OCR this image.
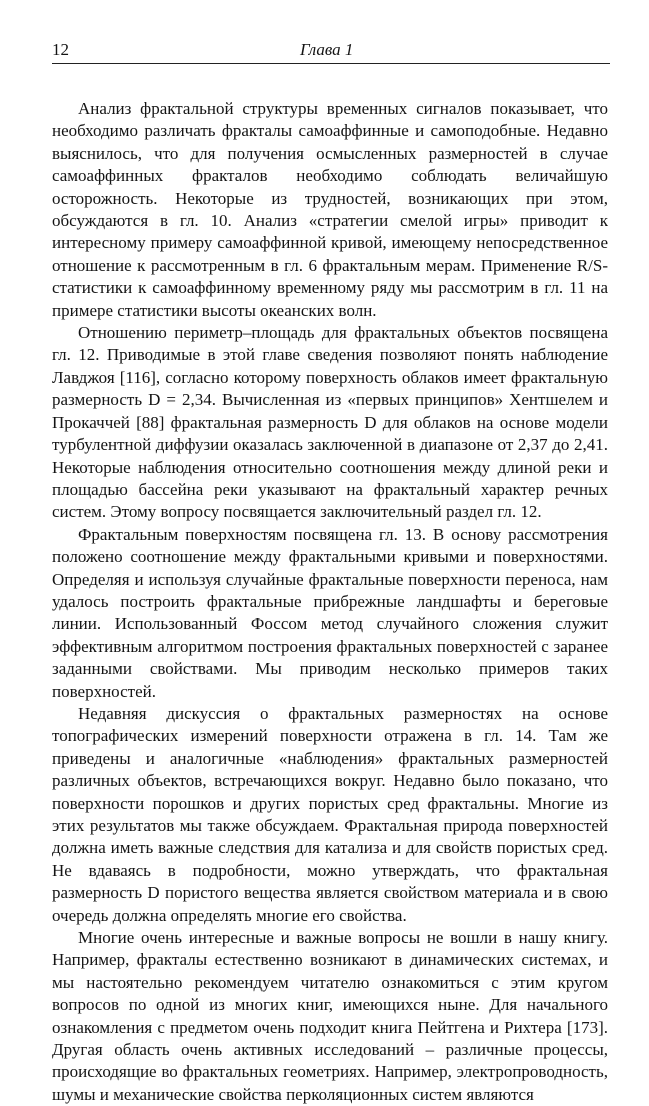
12	Глава 1

Анализ фрактальной структуры временных сигналов показывает, что необходимо различать фракталы самоаффинные и самоподобные. Недавно выяснилось, что для получения осмысленных размерностей в случае самоаффинных фракталов необходимо соблюдать величайшую осторожность. Некоторые из трудностей, возникающих при этом, обсуждаются в гл. 10. Анализ «стратегии смелой игры» приводит к интересному примеру самоаффинной кривой, имеющему непосредственное отношение к рассмотренным в гл. 6 фрактальным мерам. Применение R/S-статистики к самоаффинному временному ряду мы рассмотрим в гл. 11 на примере статистики высоты океанских волн.

Отношению периметр–площадь для фрактальных объектов посвящена гл. 12. Приводимые в этой главе сведения позволяют понять наблюдение Лавджоя [116], согласно которому поверхность облаков имеет фрактальную размерность D = 2,34. Вычисленная из «первых принципов» Хентшелем и Прокаччей [88] фрактальная размерность D для облаков на основе модели турбулентной диффузии оказалась заключенной в диапазоне от 2,37 до 2,41. Некоторые наблюдения относительно соотношения между длиной реки и площадью бассейна реки указывают на фрактальный характер речных систем. Этому вопросу посвящается заключительный раздел гл. 12.

Фрактальным поверхностям посвящена гл. 13. В основу рассмотрения положено соотношение между фрактальными кривыми и поверхностями. Определяя и используя случайные фрактальные поверхности переноса, нам удалось построить фрактальные прибрежные ландшафты и береговые линии. Использованный Фоссом метод случайного сложения служит эффективным алгоритмом построения фрактальных поверхностей с заранее заданными свойствами. Мы приводим несколько примеров таких поверхностей.

Недавняя дискуссия о фрактальных размерностях на основе топографических измерений поверхности отражена в гл. 14. Там же приведены и аналогичные «наблюдения» фрактальных размерностей различных объектов, встречающихся вокруг. Недавно было показано, что поверхности порошков и других пористых сред фрактальны. Многие из этих результатов мы также обсуждаем. Фрактальная природа поверхностей должна иметь важные следствия для катализа и для свойств пористых сред. Не вдаваясь в подробности, можно утверждать, что фрактальная размерность D пористого вещества является свойством материала и в свою очередь должна определять многие его свойства.

Многие очень интересные и важные вопросы не вошли в нашу книгу. Например, фракталы естественно возникают в динамических системах, и мы настоятельно рекомендуем читателю ознакомиться с этим кругом вопросов по одной из многих книг, имеющихся ныне. Для начального ознакомления с предметом очень подходит книга Пейтгена и Рихтера [173]. Другая область очень активных исследований – различные процессы, происходящие во фрактальных геометриях. Например, электропроводность, шумы и механические свойства перколяционных систем являются
